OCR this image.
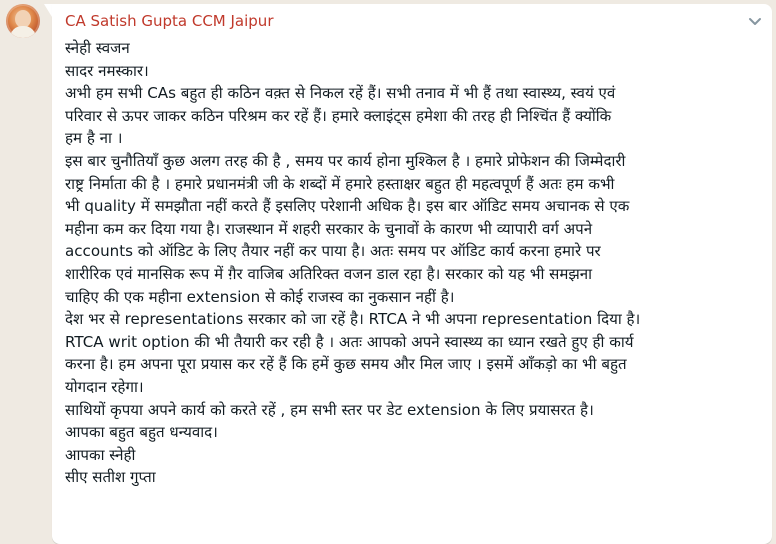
CA Satish Gupta CCM Jaipur
स्नेही स्वजन
सादर नमस्कार।
अभी हम सभी CAs बहुत ही कठिन वक़्त से निकल रहें हैं। सभी तनाव में भी हैं तथा स्वास्थ्य, स्वयं एवं
परिवार से ऊपर जाकर कठिन परिश्रम कर रहें हैं। हमारे क्लाइंट्स हमेशा की तरह ही निश्चिंत हैं क्योंकि
हम है ना ।
इस बार चुनौतियाँ कुछ अलग तरह की है , समय पर कार्य होना मुश्किल है । हमारे प्रोफेशन की जिम्मेदारी
राष्ट्र निर्माता की है । हमारे प्रधानमंत्री जी के शब्दों में हमारे हस्ताक्षर बहुत ही महत्वपूर्ण हैं अतः हम कभी
भी quality में समझौता नहीं करते हैं इसलिए परेशानी अधिक है। इस बार ऑडिट समय अचानक से एक
महीना कम कर दिया गया है। राजस्थान में शहरी सरकार के चुनावों के कारण भी व्यापारी वर्ग अपने
accounts को ऑडिट के लिए तैयार नहीं कर पाया है। अतः समय पर ऑडिट कार्य करना हमारे पर
शारीरिक एवं मानसिक रूप में ग़ैर वाजिब अतिरिक्त वजन डाल रहा है। सरकार को यह भी समझना
चाहिए की एक महीना extension से कोई राजस्व का नुकसान नहीं है।
देश भर से representations सरकार को जा रहें है। RTCA ने भी अपना representation दिया है।
RTCA writ option की भी तैयारी कर रही है । अतः आपको अपने स्वास्थ्य का ध्यान रखते हुए ही कार्य
करना है। हम अपना पूरा प्रयास कर रहें हैं कि हमें कुछ समय और मिल जाए । इसमें आँकड़ो का भी बहुत
योगदान रहेगा।
साथियों कृपया अपने कार्य को करते रहें , हम सभी स्तर पर डेट extension के लिए प्रयासरत है।
आपका बहुत बहुत धन्यवाद।
आपका स्नेही
सीए सतीश गुप्ता
